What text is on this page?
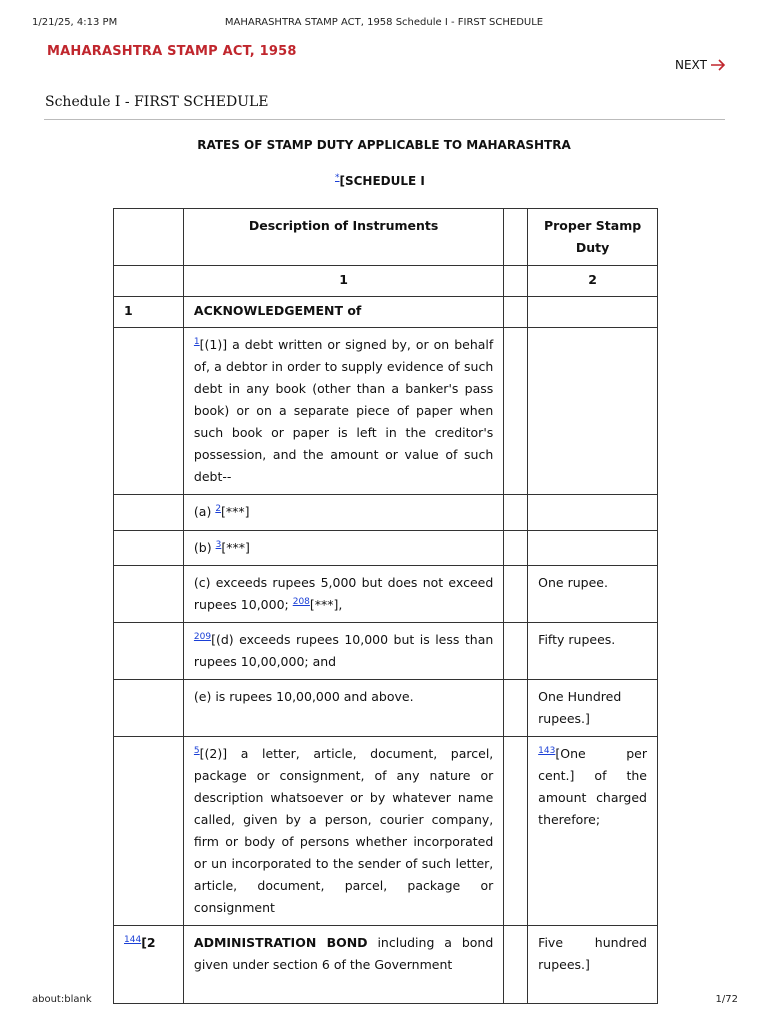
1/21/25, 4:13 PM	MAHARASHTRA STAMP ACT, 1958 Schedule I - FIRST SCHEDULE
MAHARASHTRA STAMP ACT, 1958
NEXT
Schedule I - FIRST SCHEDULE
RATES OF STAMP DUTY APPLICABLE TO MAHARASHTRA
*[SCHEDULE I
	Description of Instruments		Proper Stamp Duty
	1		2
1	ACKNOWLEDGEMENT of		
	$^1$[(1)] a debt written or signed by, or on behalf of, a debtor in order to supply evidence of such debt in any book (other than a banker's pass book) or on a separate piece of paper when such book or paper is left in the creditor's possession, and the amount or value of such debt--		
	(a) $^2$[***]		
	(b) $^3$[***]		
	(c) exceeds rupees 5,000 but does not exceed rupees 10,000; $^{208}$[***],		One rupee.
	$^{209}$[(d) exceeds rupees 10,000 but is less than rupees 10,00,000; and		Fifty rupees.
	(e) is rupees 10,00,000 and above.		One Hundred rupees.]
	$^5$[(2)] a letter, article, document, parcel, package or consignment, of any nature or description whatsoever or by whatever name called, given by a person, courier company, firm or body of persons whether incorporated or un incorporated to the sender of such letter, article, document, parcel, package or consignment		$^{143}$[One per cent.] of the amount charged therefore;
$^{144}$[2	ADMINISTRATION BOND including a bond given under section 6 of the Government		Five hundred rupees.]
about:blank	1/72
